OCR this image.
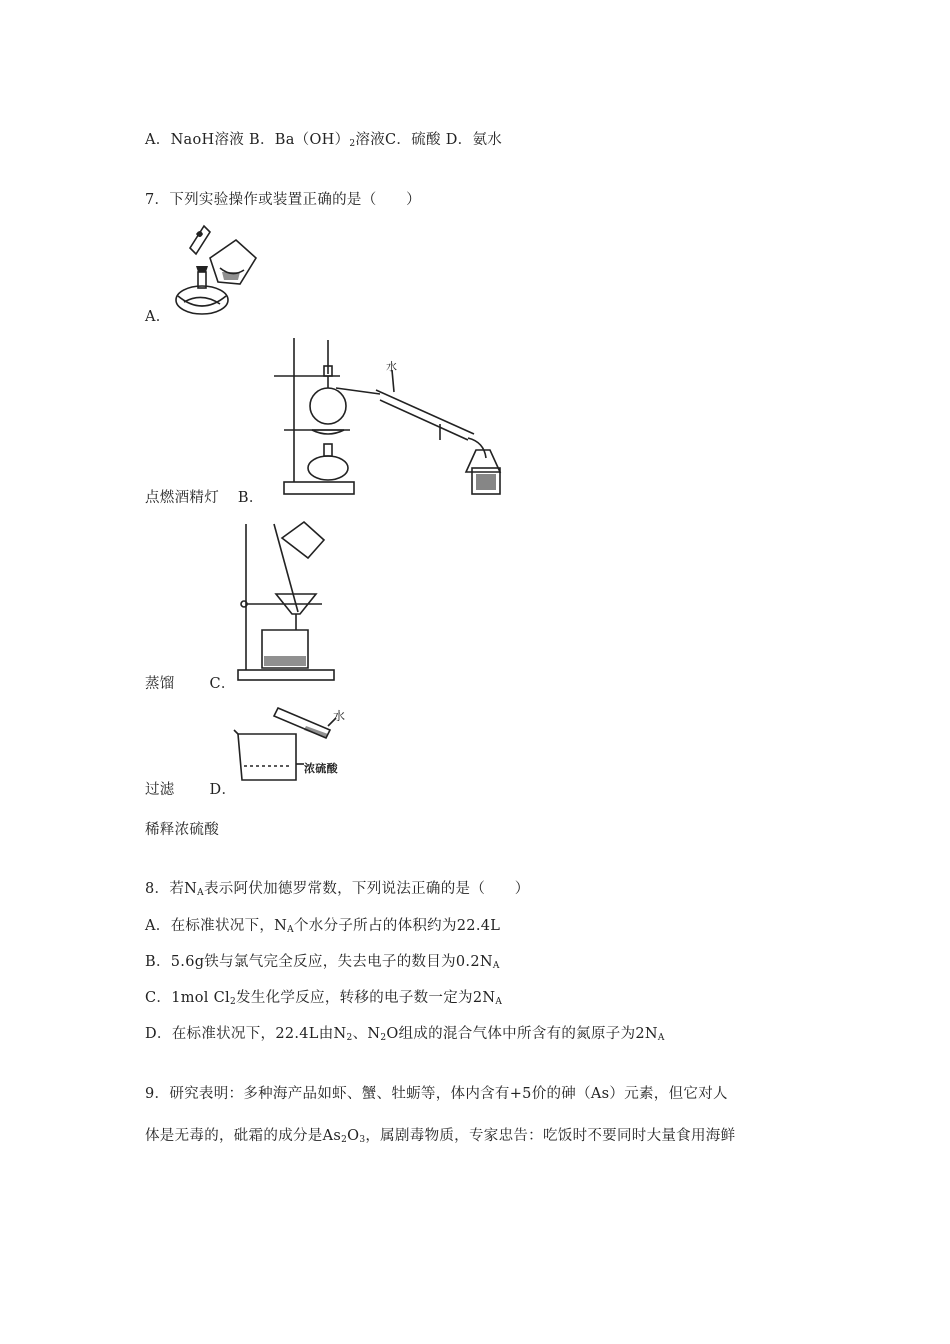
A．NaoH溶液 B．$Ba(OH)_2$溶液C．硫酸 D．氨水
7．下列实验操作或装置正确的是（　　）
A．
水
点燃酒精灯 B．
蒸馏 C．
水
浓硫酸
过滤 D．
稀释浓硫酸
8．若$N_A$表示阿伏加德罗常数，下列说法正确的是（　　）
A．在标准状况下，$N_A$个水分子所占的体积约为22.4L
B．5.6g铁与氯气完全反应，失去电子的数目为$0.2N_A$
C．1mol $Cl_2$发生化学反应，转移的电子数一定为$2N_A$
D．在标准状况下，22.4L由$N_2$、$N_2O$组成的混合气体中所含有的氮原子为$2N_A$
9．研究表明：多种海产品如虾、蟹、牡蛎等，体内含有+5价的砷（As）元素，但它对人
体是无毒的，砒霜的成分是$As_2O_3$，属剧毒物质，专家忠告：吃饭时不要同时大量食用海鲜
